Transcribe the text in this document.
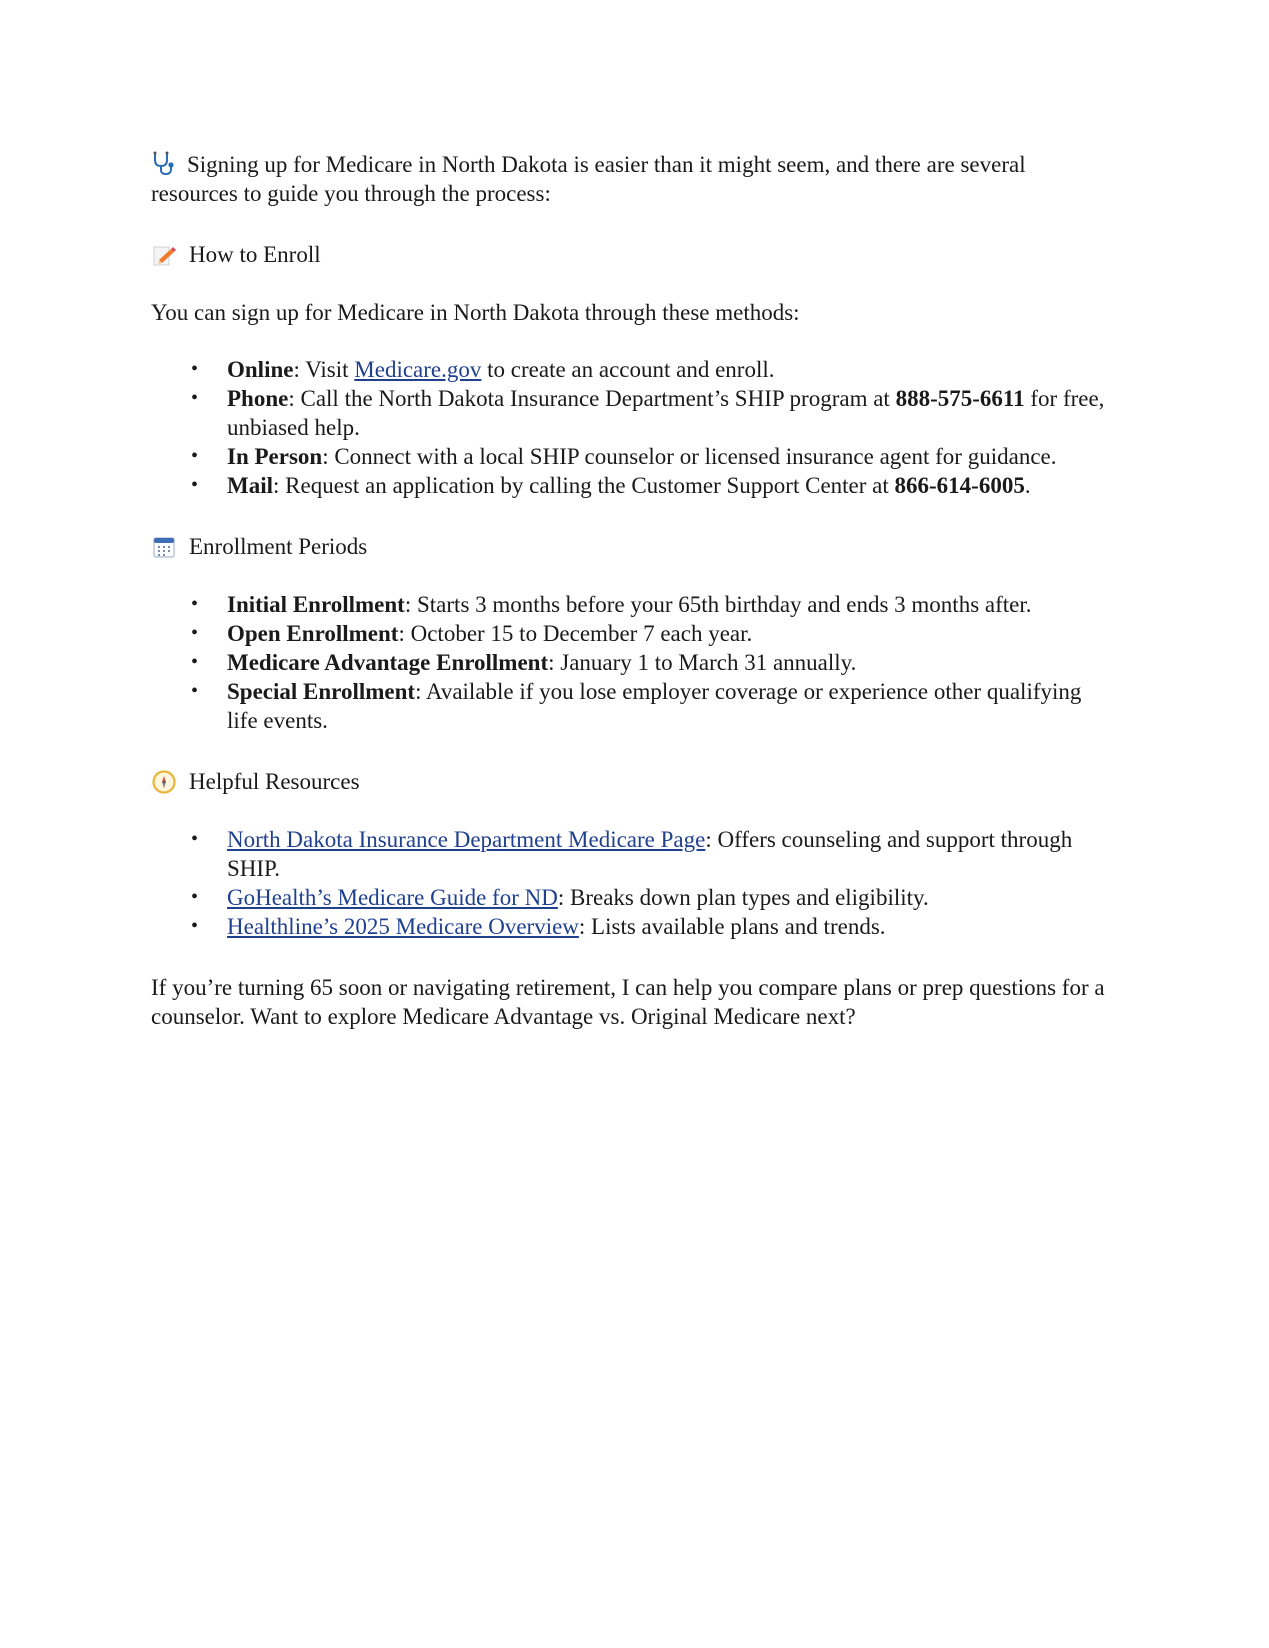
Signing up for Medicare in North Dakota is easier than it might seem, and there are several resources to guide you through the process:

How to Enroll

You can sign up for Medicare in North Dakota through these methods:

• Online: Visit Medicare.gov to create an account and enroll.
• Phone: Call the North Dakota Insurance Department’s SHIP program at 888-575-6611 for free, unbiased help.
• In Person: Connect with a local SHIP counselor or licensed insurance agent for guidance.
• Mail: Request an application by calling the Customer Support Center at 866-614-6005.
Enrollment Periods
• Initial Enrollment: Starts 3 months before your 65th birthday and ends 3 months after.
• Open Enrollment: October 15 to December 7 each year.
• Medicare Advantage Enrollment: January 1 to March 31 annually.
• Special Enrollment: Available if you lose employer coverage or experience other qualifying life events.
Helpful Resources
• North Dakota Insurance Department Medicare Page: Offers counseling and support through SHIP.
• GoHealth’s Medicare Guide for ND: Breaks down plan types and eligibility.
• Healthline’s 2025 Medicare Overview: Lists available plans and trends.

If you’re turning 65 soon or navigating retirement, I can help you compare plans or prep questions for a counselor. Want to explore Medicare Advantage vs. Original Medicare next?
